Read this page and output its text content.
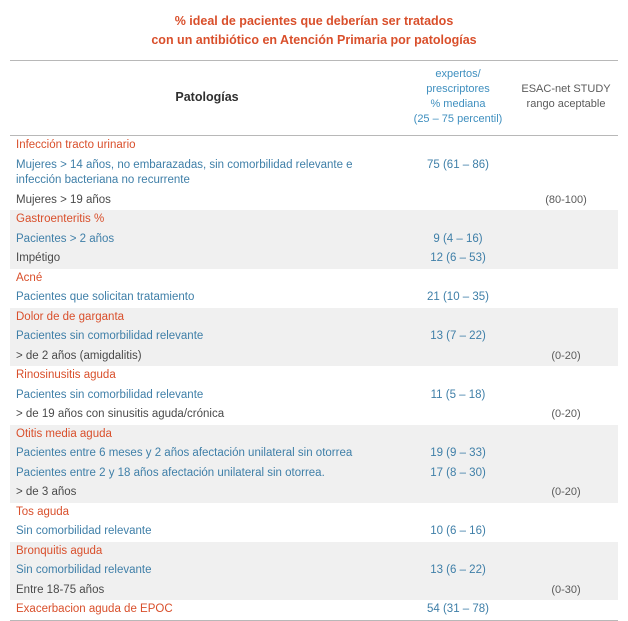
% ideal de pacientes que deberían ser tratados
con un antibiótico en Atención Primaria por patologías
Patologías	
expertos/
prescriptores
% mediana
(25 – 75 percentil)

ESAC-net STUDY
rango aceptable

Infección tracto urinario		
Mujeres > 14 años, no embarazadas, sin comorbilidad relevante e infección bacteriana no recurrente	75 (61 – 86)	
Mujeres > 19 años		(80-100)
Gastroenteritis %		
Pacientes > 2 años	9 (4 – 16)	
Impétigo	12 (6 – 53)	
Acné		
Pacientes que solicitan tratamiento	21 (10 – 35)	
Dolor de de garganta		
Pacientes sin comorbilidad relevante	13 (7 – 22)	
> de 2 años (amigdalitis)		(0-20)
Rinosinusitis aguda		
Pacientes sin comorbilidad relevante	11 (5 – 18)	
> de 19 años con sinusitis aguda/crónica		(0-20)
Otitis media aguda		
Pacientes entre 6 meses y 2 años afectación unilateral sin otorrea	19 (9 – 33)	
Pacientes entre 2 y 18 años afectación unilateral sin otorrea.	17 (8 – 30)	
> de 3 años		(0-20)
Tos aguda		
Sin comorbilidad relevante	10 (6 – 16)	
Bronquitis aguda		
Sin comorbilidad relevante	13 (6 – 22)	
Entre 18-75 años		(0-30)
Exacerbacion aguda de EPOC	54 (31 – 78)	
